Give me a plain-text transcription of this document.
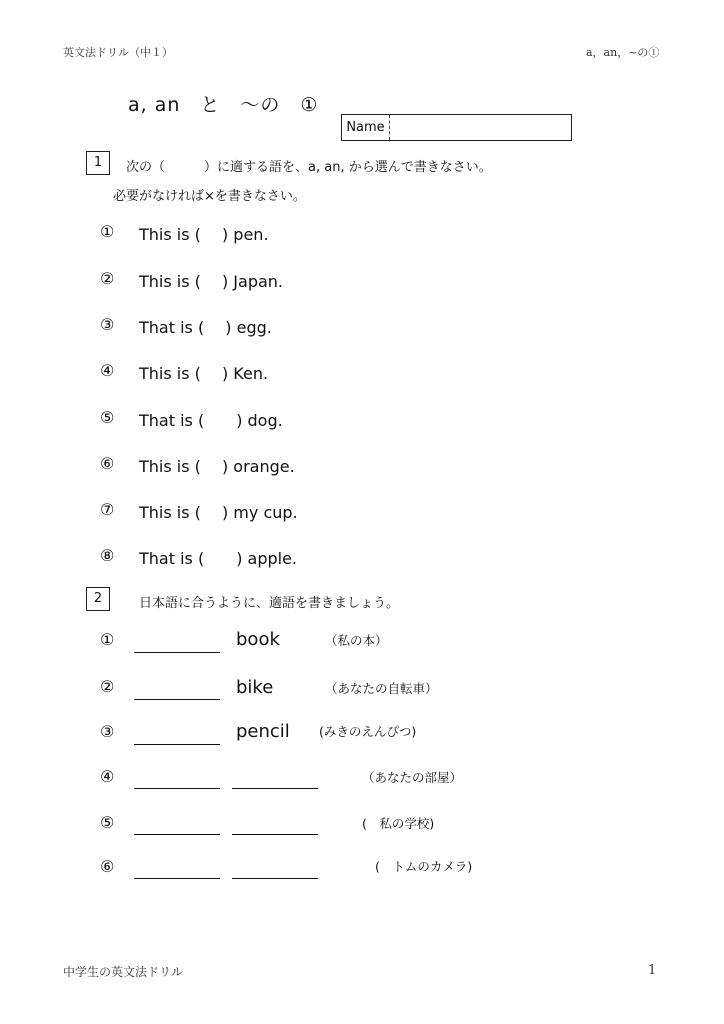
英文法ドリル（中１）	a，an，~の①
a, an　と　～の　①
Name
1	次の（　　　）に適する語を、a, an, から選んで書きなさい。
必要がなければ×を書きなさい。
① This is (　 ) pen.
② This is (　 ) Japan.
③ That is (　 ) egg.
④ This is (　 ) Ken.
⑤ That is (　　) dog.
⑥ This is (　 ) orange.
⑦ This is (　 ) my cup.
⑧ That is (　　) apple.
2	日本語に合うように、適語を書きましょう。
①	book	（私の本）
②	bike	（あなたの自転車）
③	pencil (みきのえんぴつ)
④	（あなたの部屋）
⑤	(　私の学校)
⑥	(　トムのカメラ)
中学生の英文法ドリル	1
